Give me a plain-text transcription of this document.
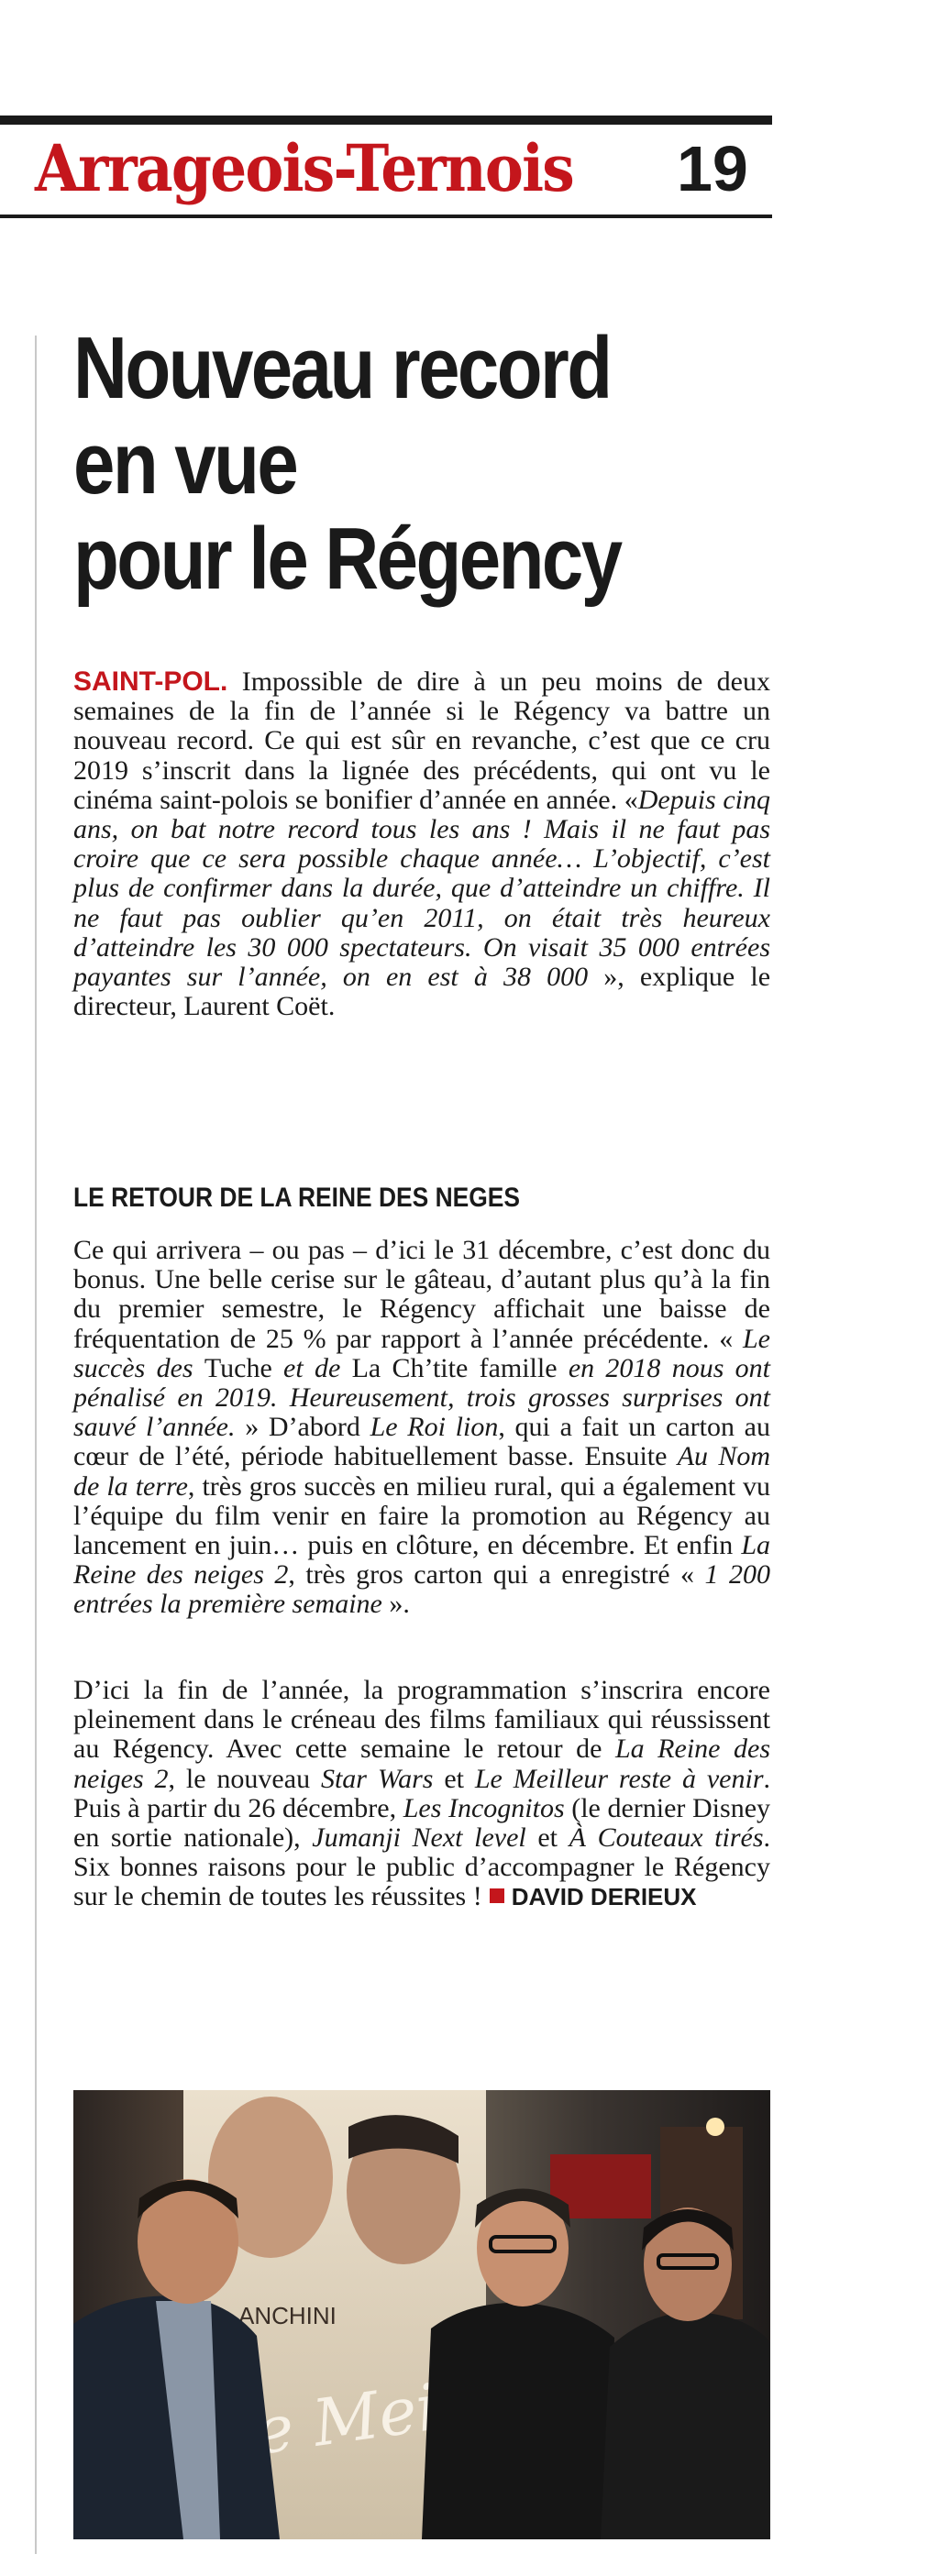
Arrageois-Ternois 19
Nouveau record
en vue
pour le Régency
SAINT-POL. Impossible de dire à un peu moins de deux semaines de la fin de l’année si le Régency va battre un nouveau record. Ce qui est sûr en revanche, c’est que ce cru 2019 s’inscrit dans la lignée des précédents, qui ont vu le cinéma saint-polois se bonifier d’année en année. «Depuis cinq ans, on bat notre record tous les ans ! Mais il ne faut pas croire que ce sera possible chaque année… L’objectif, c’est plus de confirmer dans la durée, que d’atteindre un chiffre. Il ne faut pas oublier qu’en 2011, on était très heureux d’atteindre les 30 000 spectateurs. On visait 35 000 entrées payantes sur l’année, on en est à 38 000 », explique le directeur, Laurent Coët.
LE RETOUR DE LA REINE DES NEGES
Ce qui arrivera – ou pas – d’ici le 31 décembre, c’est donc du bonus. Une belle cerise sur le gâteau, d’autant plus qu’à la fin du premier semestre, le Régency affichait une baisse de fréquentation de 25 % par rapport à l’année précédente. « Le succès des Tuche et de La Ch’tite famille en 2018 nous ont pénalisé en 2019. Heureusement, trois grosses surprises ont sauvé l’année. » D’abord Le Roi lion, qui a fait un carton au cœur de l’été, période habituellement basse. Ensuite Au Nom de la terre, très gros succès en milieu rural, qui a également vu l’équipe du film venir en faire la promotion au Régency au lancement en juin… puis en clôture, en décembre. Et enfin La Reine des neiges 2, très gros carton qui a enregistré « 1 200 entrées la première semaine ».
D’ici la fin de l’année, la programmation s’inscrira encore pleinement dans le créneau des films familiaux qui réussissent au Régency. Avec cette semaine le retour de La Reine des neiges 2, le nouveau Star Wars et Le Meilleur reste à venir. Puis à partir du 26 décembre, Les Incognitos (le dernier Disney en sortie nationale), Jumanji Next level et À Couteaux tirés. Six bonnes raisons pour le public d’accompagner le Régency sur le chemin de toutes les réussites ! DAVID DERIEUX
ANCHINI
Meill
